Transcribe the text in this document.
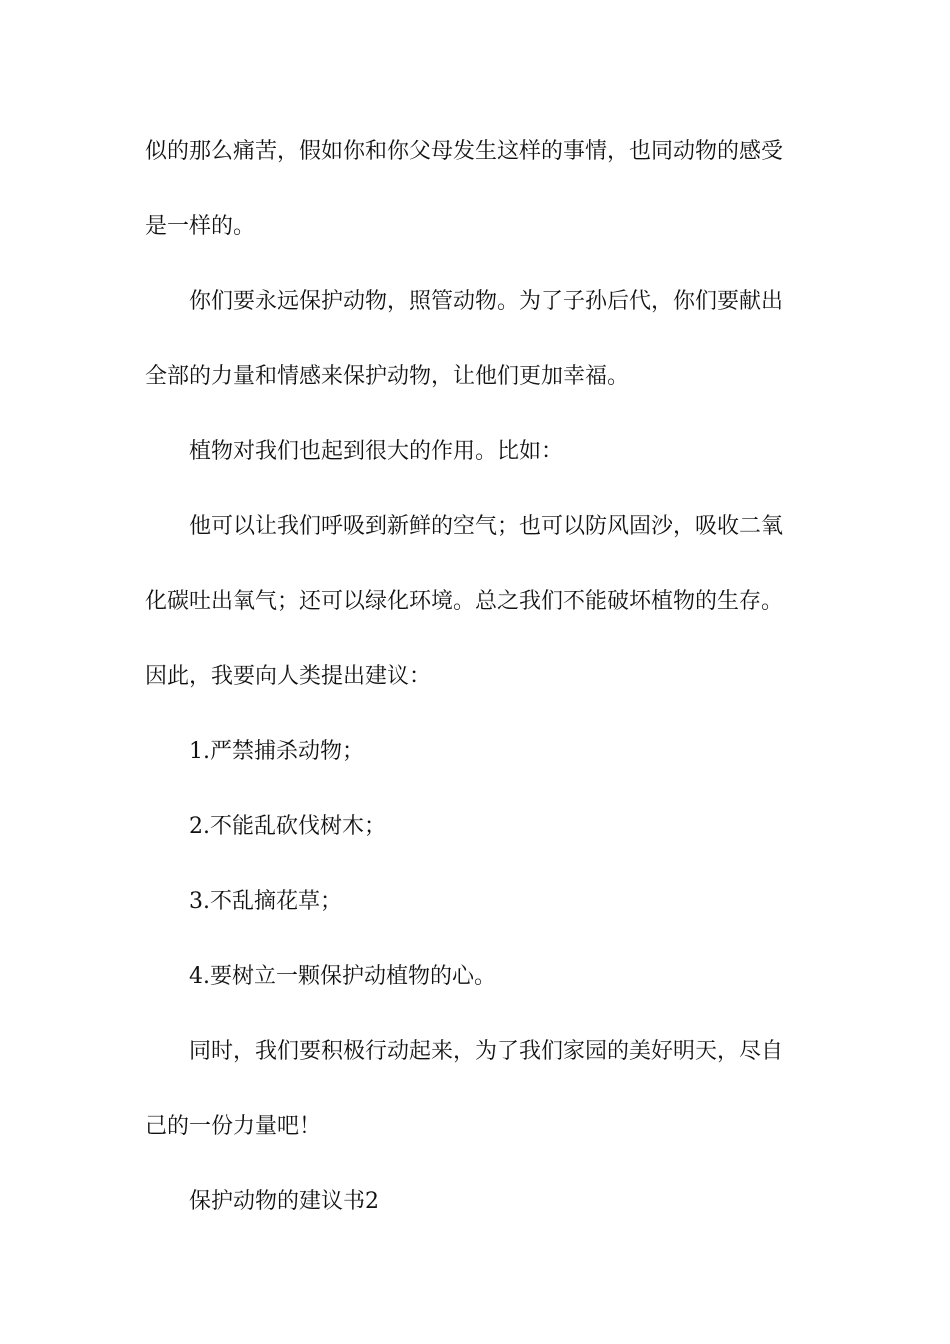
似的那么痛苦，假如你和你父母发生这样的事情，也同动物的感受
是一样的。
你们要永远保护动物，照管动物。为了子孙后代，你们要献出
全部的力量和情感来保护动物，让他们更加幸福。
植物对我们也起到很大的作用。比如：
他可以让我们呼吸到新鲜的空气；也可以防风固沙，吸收二氧
化碳吐出氧气；还可以绿化环境。总之我们不能破坏植物的生存。
因此，我要向人类提出建议：
1.严禁捕杀动物；
2.不能乱砍伐树木；
3.不乱摘花草；
4.要树立一颗保护动植物的心。
同时，我们要积极行动起来，为了我们家园的美好明天，尽自
己的一份力量吧！
保护动物的建议书2
